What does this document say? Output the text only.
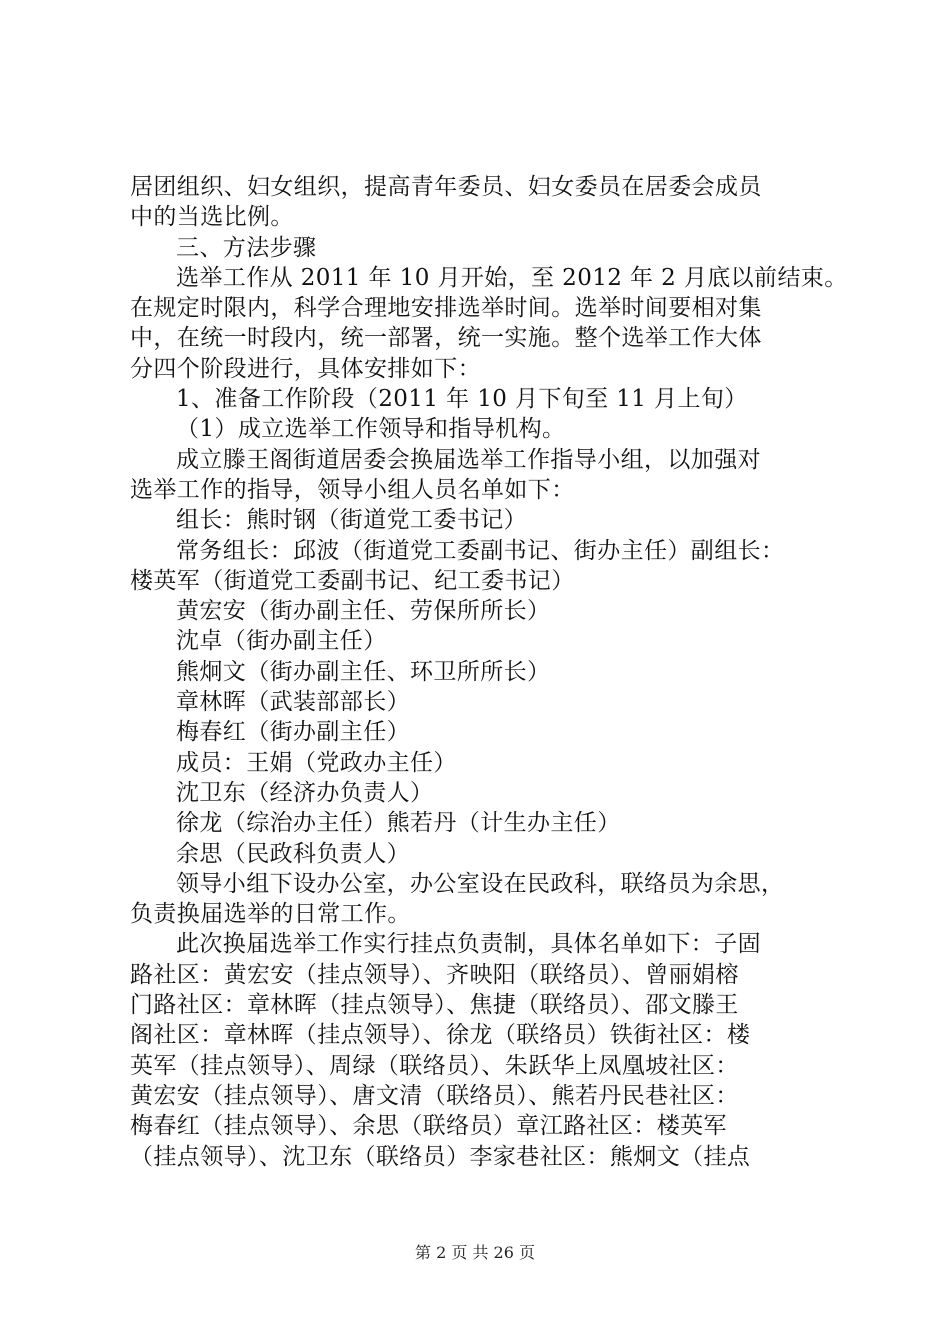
居团组织、妇女组织，提高青年委员、妇女委员在居委会成员
中的当选比例。
三、方法步骤
选举工作从 2011 年 10 月开始，至 2012 年 2 月底以前结束。
在规定时限内，科学合理地安排选举时间。选举时间要相对集
中，在统一时段内，统一部署，统一实施。整个选举工作大体
分四个阶段进行，具体安排如下：
1、准备工作阶段（2011 年 10 月下旬至 11 月上旬）
（1）成立选举工作领导和指导机构。
成立滕王阁街道居委会换届选举工作指导小组，以加强对
选举工作的指导，领导小组人员名单如下：
组长：熊时钢（街道党工委书记）
常务组长：邱波（街道党工委副书记、街办主任）副组长：
楼英军（街道党工委副书记、纪工委书记）
黄宏安（街办副主任、劳保所所长）
沈卓（街办副主任）
熊炯文（街办副主任、环卫所所长）
章林晖（武装部部长）
梅春红（街办副主任）
成员：王娟（党政办主任）
沈卫东（经济办负责人）
徐龙（综治办主任）熊若丹（计生办主任）
余思（民政科负责人）
领导小组下设办公室，办公室设在民政科，联络员为余思，
负责换届选举的日常工作。
此次换届选举工作实行挂点负责制，具体名单如下：子固
路社区：黄宏安（挂点领导）、齐映阳（联络员）、曾丽娟榕
门路社区：章林晖（挂点领导）、焦捷（联络员）、邵文滕王
阁社区：章林晖（挂点领导）、徐龙（联络员）铁街社区：楼
英军（挂点领导）、周绿（联络员）、朱跃华上凤凰坡社区：
黄宏安（挂点领导）、唐文清（联络员）、熊若丹民巷社区：
梅春红（挂点领导）、余思（联络员）章江路社区：楼英军
（挂点领导）、沈卫东（联络员）李家巷社区：熊炯文（挂点
第 2 页 共 26 页
